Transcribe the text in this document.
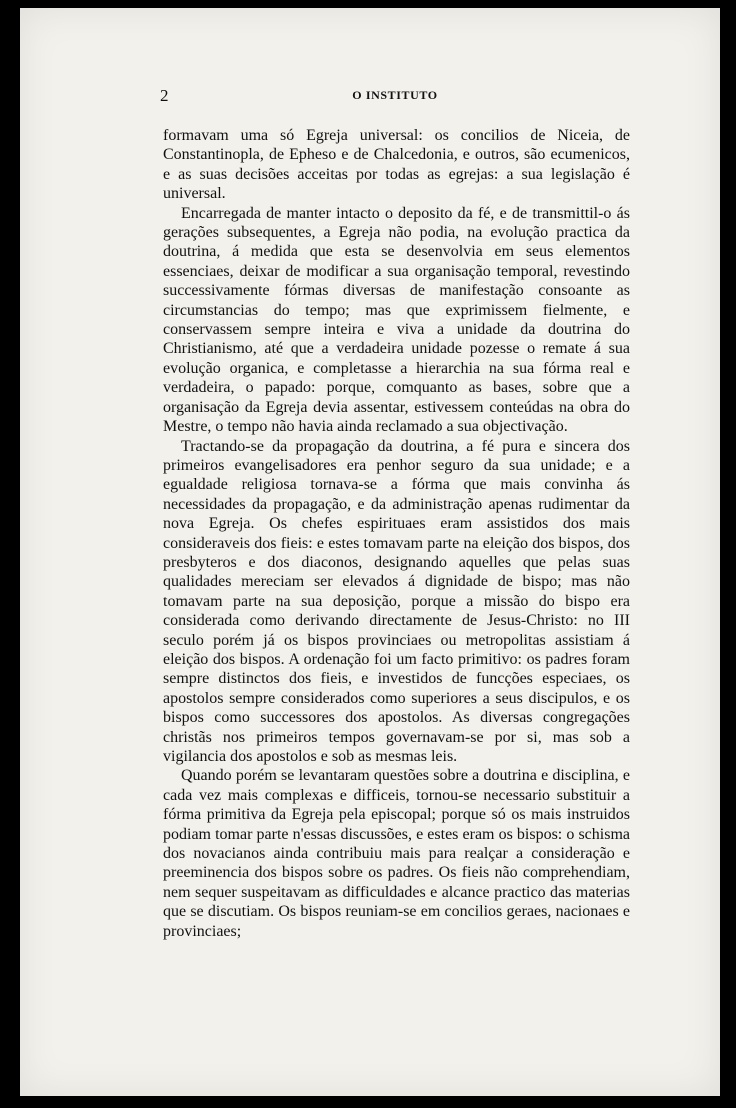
2	O INSTITUTO

formavam uma só Egreja universal: os concilios de Niceia, de Constantinopla, de Epheso e de Chalcedonia, e outros, são ecumenicos, e as suas decisões acceitas por todas as egrejas: a sua legislação é universal.

Encarregada de manter intacto o deposito da fé, e de transmittil-o ás gerações subsequentes, a Egreja não podia, na evolução practica da doutrina, á medida que esta se desenvolvia em seus elementos essenciaes, deixar de modificar a sua organisação temporal, revestindo successivamente fórmas diversas de manifestação consoante as circumstancias do tempo; mas que exprimissem fielmente, e conservassem sempre inteira e viva a unidade da doutrina do Christianismo, até que a verdadeira unidade pozesse o remate á sua evolução organica, e completasse a hierarchia na sua fórma real e verdadeira, o papado: porque, comquanto as bases, sobre que a organisação da Egreja devia assentar, estivessem conteúdas na obra do Mestre, o tempo não havia ainda reclamado a sua objectivação.

Tractando-se da propagação da doutrina, a fé pura e sincera dos primeiros evangelisadores era penhor seguro da sua unidade; e a egualdade religiosa tornava-se a fórma que mais convinha ás necessidades da propagação, e da administração apenas rudimentar da nova Egreja. Os chefes espirituaes eram assistidos dos mais consideraveis dos fieis: e estes tomavam parte na eleição dos bispos, dos presbyteros e dos diaconos, designando aquelles que pelas suas qualidades mereciam ser elevados á dignidade de bispo; mas não tomavam parte na sua deposição, porque a missão do bispo era considerada como derivando directamente de Jesus-Christo: no III seculo porém já os bispos provinciaes ou metropolitas assistiam á eleição dos bispos. A ordenação foi um facto primitivo: os padres foram sempre distinctos dos fieis, e investidos de funcções especiaes, os apostolos sempre considerados como superiores a seus discipulos, e os bispos como successores dos apostolos. As diversas congregações christãs nos primeiros tempos governavam-se por si, mas sob a vigilancia dos apostolos e sob as mesmas leis.

Quando porém se levantaram questões sobre a doutrina e disciplina, e cada vez mais complexas e difficeis, tornou-se necessario substituir a fórma primitiva da Egreja pela episcopal; porque só os mais instruidos podiam tomar parte n'essas discussões, e estes eram os bispos: o schisma dos novacianos ainda contribuiu mais para realçar a consideração e preeminencia dos bispos sobre os padres. Os fieis não comprehendiam, nem sequer suspeitavam as difficuldades e alcance practico das materias que se discutiam. Os bispos reuniam-se em concilios geraes, nacionaes e provinciaes;
